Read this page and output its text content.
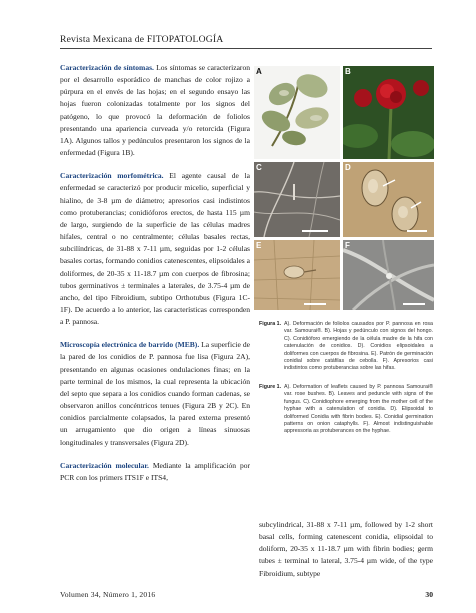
Revista Mexicana de FITOPATOLOGÍA

Caracterización de síntomas. Los síntomas se caracterizaron por el desarrollo esporádico de manchas de color rojizo a púrpura en el envés de las hojas; en el segundo ensayo las hojas fueron colonizadas totalmente por los signos del patógeno, lo que provocó la deformación de foliolos presentando una apariencia curveada y/o retorcida (Figura 1A). Algunos tallos y pedúnculos presentaron los signos de la enfermedad (Figura 1B).

Caracterización morfométrica. El agente causal de la enfermedad se caracterizó por producir micelio, superficial y hialino, de 3-8 µm de diámetro; apresorios casi indistintos como protuberancias; conidióforos erectos, de hasta 115 µm de largo, surgiendo de la superficie de las células madres hifales, central o no centralmente; células basales rectas, subcilíndricas, de 31-88 x 7-11 µm, seguidas por 1-2 células basales cortas, formando conidios catenescentes, elipsoidales a doliformes, de 20-35 x 11-18.7 µm con cuerpos de fibrosina; tubos germinativos ± terminales a laterales, de 3.75-4 µm de ancho, del tipo Fibroidium, subtipo Orthotubus (Figura 1C-1F). De acuerdo a lo anterior, las características corresponden a P. pannosa.

Microscopía electrónica de barrido (MEB). La superficie de la pared de los conidios de P. pannosa fue lisa (Figura 2A), presentando en algunas ocasiones ondulaciones finas; en la parte terminal de los mismos, la cual representa la ubicación del septo que separa a los conidios cuando forman cadenas, se observaron anillos concéntricos tenues (Figura 2B y 2C). En conidios parcialmente colapsados, la pared externa presentó un arrugamiento que dio origen a líneas sinuosas longitudinales y transversales (Figura 2D).

Caracterización molecular. Mediante la amplificación por PCR con los primers ITS1F e ITS4,

A	B
C	D
E	F
Figura 1. A). Deformación de foliolos causados por P. pannosa en rosa var. Samourai®. B). Hojas y pedúnculo con signos del hongo. C). Conidióforo emergiendo de la célula madre de la hifa con catenulación de conidios. D). Conidios elipsoidales a doliformes con cuerpos de fibrosina. E). Patrón de germinación conidial sobre catáfilas de cebolla. F). Apresorios casi indistintos como protuberancias sobre las hifas.
Figure 1. A). Deformation of leaflets caused by P. pannosa Samourai® var. rose bushes. B). Leaves and peduncle with signs of the fungus. C). Conidiophore emerging from the mother cell of the hyphae with a catenulation of conidia. D). Elipsoidal to doliformed Conidia with fibrin bodies. E). Conidial germination patterns on onion cataphylls. F). Almost indistinguishable appressoria as protuberances on the hyphae.

subcylindrical, 31-88 x 7-11 µm, followed by 1-2 short basal cells, forming catenescent conidia, elipsoidal to doliform, 20-35 x 11-18.7 µm with fibrin bodies; germ tubes ± terminal to lateral, 3.75-4 µm wide, of the type Fibroidium, subtype

Volumen 34, Número 1, 2016	30
